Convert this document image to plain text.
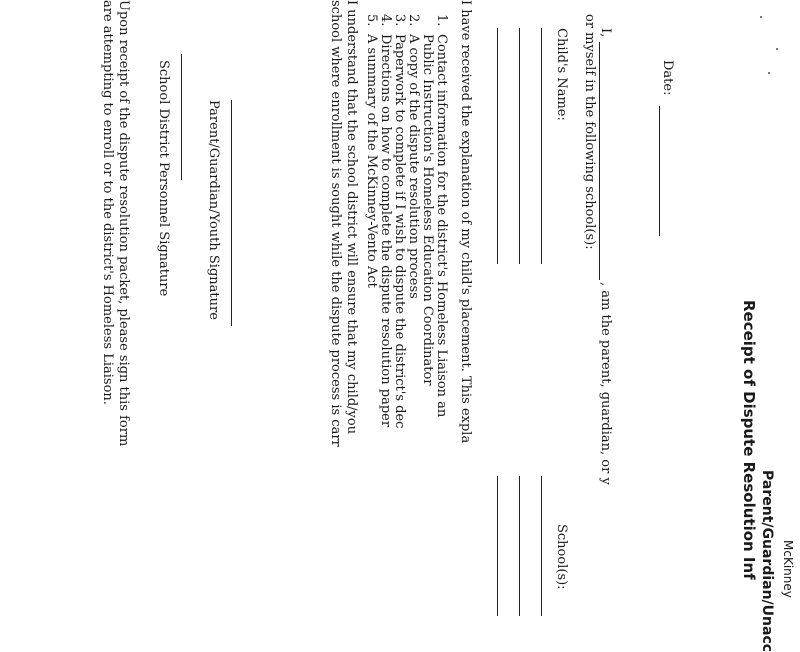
McKinney
Parent/Guardian/Unacc
Receipt of Dispute Resolution Inf
Date:
I,
, am the parent, guardian, or y
or myself in the following school(s):
Child's Name:
School(s):
I have received the explanation of my child's placement. This expla
1.
Contact information for the district's Homeless Liaison an
Public Instruction's Homeless Education Coordinator
2.
A copy of the dispute resolution process
3.
Paperwork to complete if I wish to dispute the district's dec
4.
Directions on how to complete the dispute resolution paper
5.
A summary of the McKinney-Vento Act
I understand that the school district will ensure that my child/you
school where enrollment is sought while the dispute process is carr
Parent/Guardian/Youth Signature
School District Personnel Signature
Upon receipt of the dispute resolution packet, please sign this form
are attempting to enroll or to the district's Homeless Liaison.
